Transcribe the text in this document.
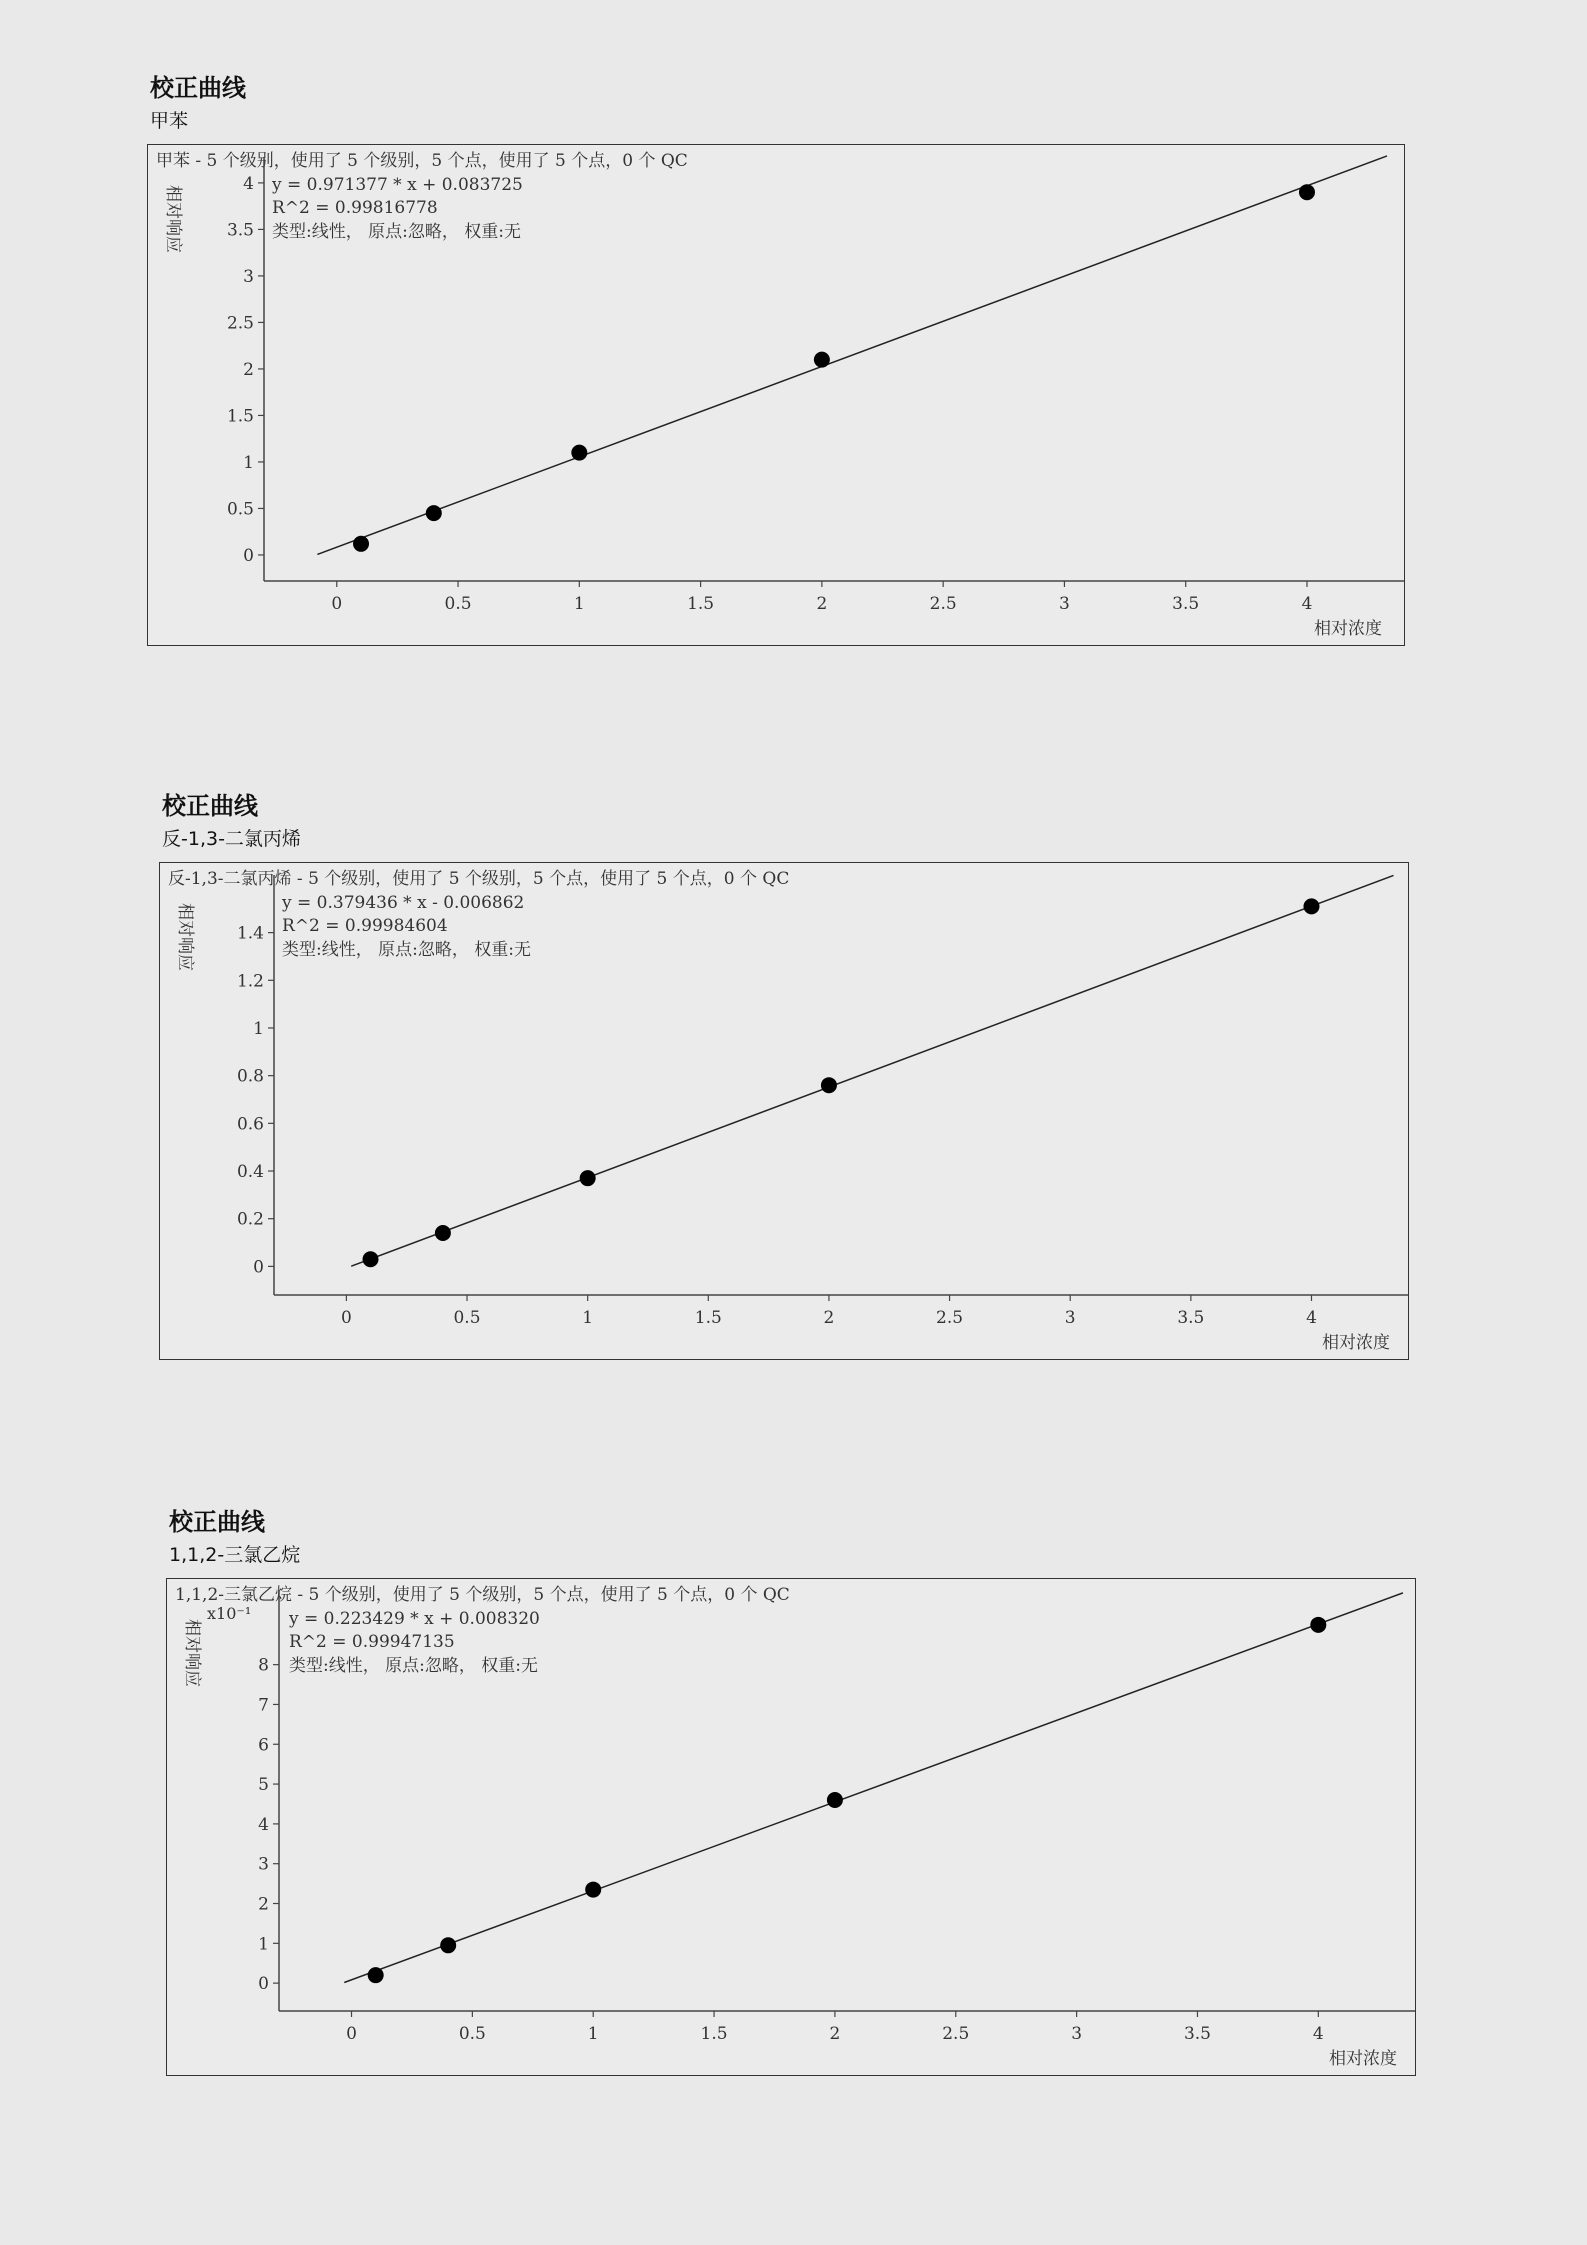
校正曲线
甲苯
甲苯 - 5 个级别，使用了 5 个级别，5 个点，使用了 5 个点，0 个 QC
y = 0.971377 * x + 0.083725
R^2 = 0.99816778
类型:线性， 原点:忽略， 权重:无
相对响应
相对浓度
0	0.5	1	1.5	2	2.5	3	3.5	4
0
0.5
1
1.5
2
2.5
3
3.5
4
校正曲线
反-1,3-二氯丙烯
反-1,3-二氯丙烯 - 5 个级别，使用了 5 个级别，5 个点，使用了 5 个点，0 个 QC
y = 0.379436 * x - 0.006862
R^2 = 0.99984604
类型:线性， 原点:忽略， 权重:无
相对响应
相对浓度
0	0.5	1	1.5	2	2.5	3	3.5	4
0
0.2
0.4
0.6
0.8
1
1.2
1.4
校正曲线
1,1,2-三氯乙烷
1,1,2-三氯乙烷 - 5 个级别，使用了 5 个级别，5 个点，使用了 5 个点，0 个 QC
y = 0.223429 * x + 0.008320
R^2 = 0.99947135
类型:线性， 原点:忽略， 权重:无
相对响应
相对浓度
x10⁻¹
0	0.5	1	1.5	2	2.5	3	3.5	4
0
1
2
3
4
5
6
7
8
